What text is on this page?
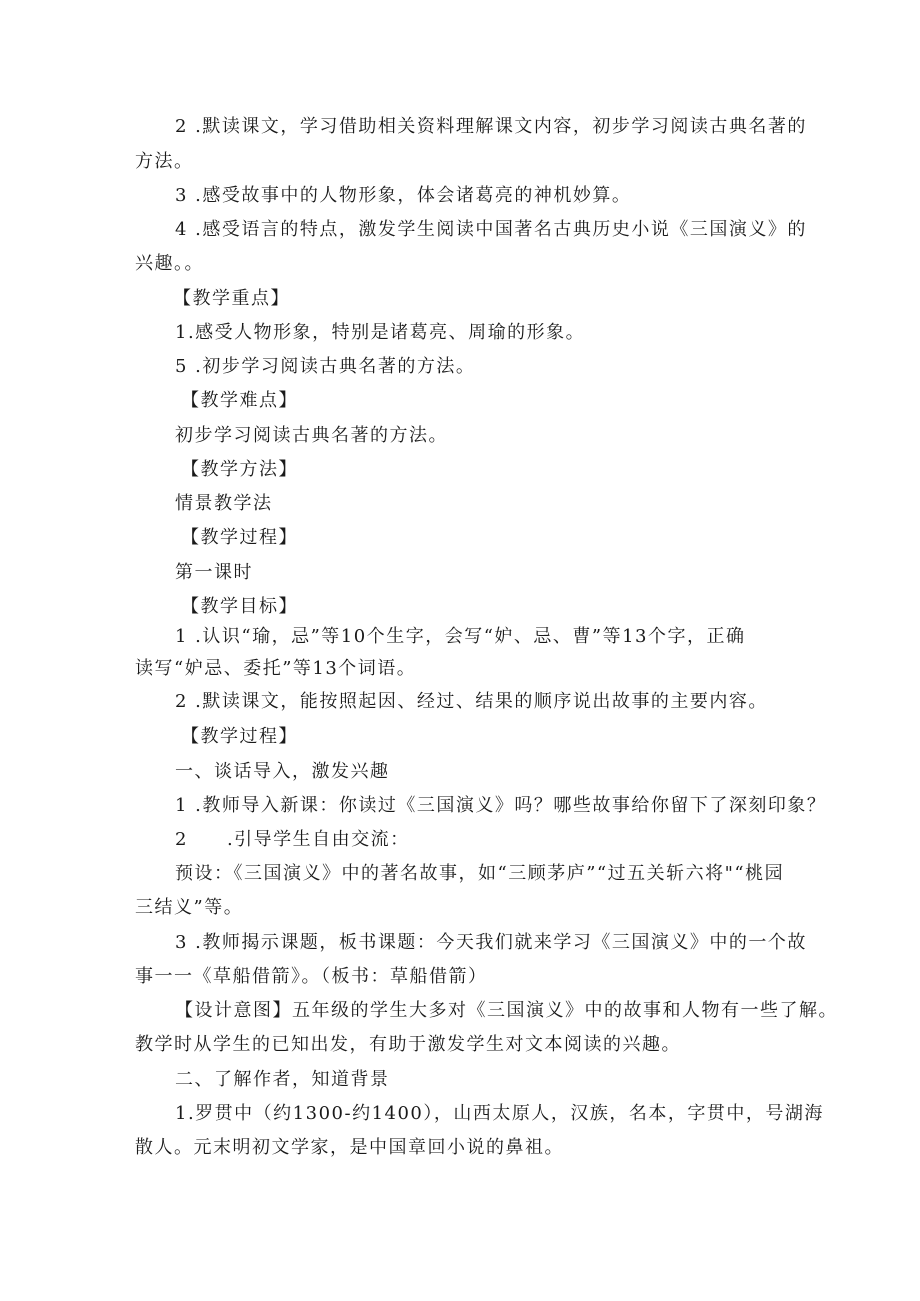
2 .默读课文，学习借助相关资料理解课文内容，初步学习阅读古典名著的
方法。
3 .感受故事中的人物形象，体会诸葛亮的神机妙算。
4 .感受语言的特点，激发学生阅读中国著名古典历史小说《三国演义》的
兴趣。。
【教学重点】
1.感受人物形象，特别是诸葛亮、周瑜的形象。
5 .初步学习阅读古典名著的方法。
【教学难点】
初步学习阅读古典名著的方法。
【教学方法】
情景教学法
【教学过程】
第一课时
【教学目标】
1 .认识“瑜，忌”等10个生字，会写“妒、忌、曹”等13个字，正确
读写“妒忌、委托”等13个词语。
2 .默读课文，能按照起因、经过、结果的顺序说出故事的主要内容。
【教学过程】
一、谈话导入，激发兴趣
1 .教师导入新课：你读过《三国演义》吗？哪些故事给你留下了深刻印象？
2　　.引导学生自由交流：
预设：《三国演义》中的著名故事，如“三顾茅庐”“过五关斩六将"“桃园
三结义”等。
3 .教师揭示课题，板书课题：今天我们就来学习《三国演义》中的一个故
事一一《草船借箭》。（板书：草船借箭）
【设计意图】五年级的学生大多对《三国演义》中的故事和人物有一些了解。
教学时从学生的已知出发，有助于激发学生对文本阅读的兴趣。
二、了解作者，知道背景
1.罗贯中（约1300-约1400），山西太原人，汉族，名本，字贯中，号湖海
散人。元末明初文学家，是中国章回小说的鼻祖。
